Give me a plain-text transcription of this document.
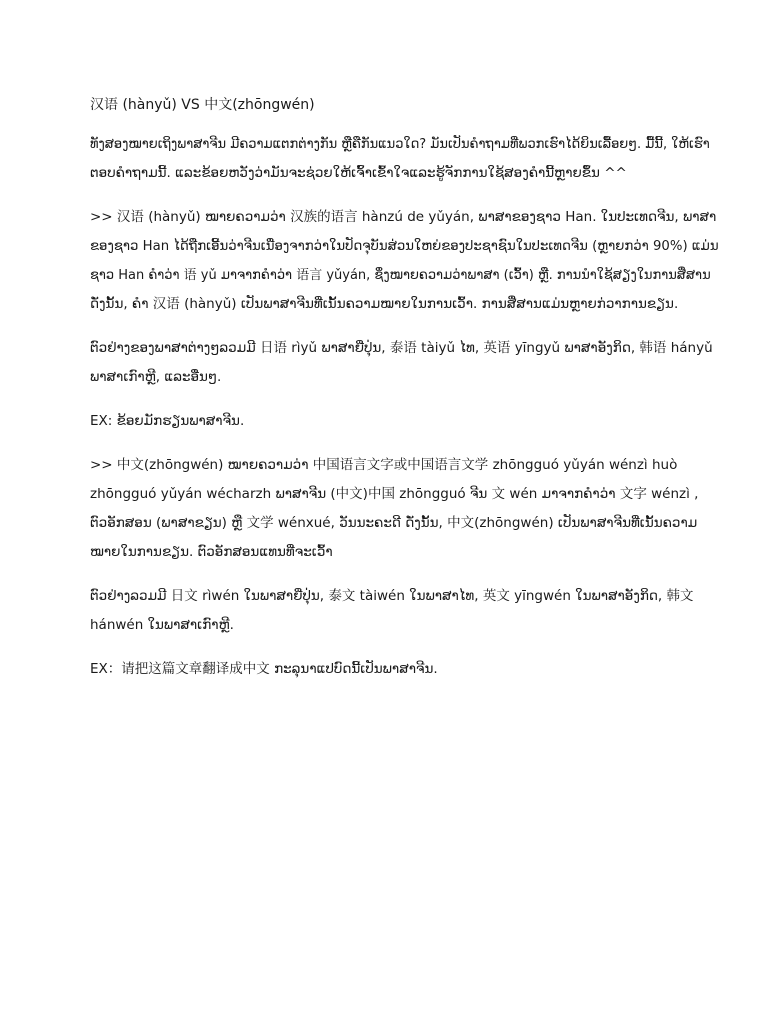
汉语 (hànyǔ) VS 中文(zhōngwén)
ທັງສອງໝາຍເຖິງພາສາຈີນ ມີຄວາມແຕກຕ່າງກັນ ຫຼືຄືກັນແນວໃດ? ມັນເປັນຄຳຖາມທີ່ພວກເຮົາໄດ້ຍິນເລື້ອຍໆ. ມື້ນີ້, ໃຫ້ເຮົາ
ຕອບຄຳຖາມນີ້. ແລະຂ້ອຍຫວັງວ່າມັນຈະຊ່ວຍໃຫ້ເຈົ້າເຂົ້າໃຈແລະຮູ້ຈັກການໃຊ້ສອງຄຳນີ້ຫຼາຍຂຶ້ນ ^^
>> 汉语 (hànyǔ) ໝາຍຄວາມວ່າ 汉族的语言 hànzú de yǔyán, ພາສາຂອງຊາວ Han. ໃນປະເທດຈີນ, ພາສາ
ຂອງຊາວ Han ໄດ້ຖືກເອີ້ນວ່າຈີນເນື່ອງຈາກວ່າໃນປັດຈຸບັນສ່ວນໃຫຍ່ຂອງປະຊາຊົນໃນປະເທດຈີນ (ຫຼາຍກວ່າ 90%) ແມ່ນ
ຊາວ Han ຄຳວ່າ 语 yǔ ມາຈາກຄຳວ່າ 语言 yǔyán, ຊຶ່ງໝາຍຄວາມວ່າພາສາ (ເວົ້າ) ຫຼື. ການນຳໃຊ້ສຽງໃນການສື່ສານ
ດັ່ງນັ້ນ, ຄຳ 汉语 (hànyǔ) ເປັນພາສາຈີນທີ່ເນັ້ນຄວາມໝາຍໃນການເວົ້າ. ການສື່ສານແມ່ນຫຼາຍກ່ວາການຂຽນ.
ຕົວຢ່າງຂອງພາສາຕ່າງໆລວມມີ 日语 rìyǔ ພາສາຍີ່ປຸ່ນ, 泰语 tàiyǔ ໄທ, 英语 yīngyǔ ພາສາອັງກິດ, 韩语 hányǔ
ພາສາເກົາຫຼີ, ແລະອື່ນໆ.
EX: ຂ້ອຍມັກຮຽນພາສາຈີນ.
>> 中文(zhōngwén) ໝາຍຄວາມວ່າ 中国语言文字或中国语言文学 zhōngguó yǔyán wénzì huò
zhōngguó yǔyán wécharzh ພາສາຈີນ (中文)中国 zhōngguó ຈີນ 文 wén ມາຈາກຄຳວ່າ 文字 wénzì ,
ຕົວອັກສອນ (ພາສາຂຽນ) ຫຼື 文学 wénxué, ວັນນະຄະດີ ດັ່ງນັ້ນ, 中文(zhōngwén) ເປັນພາສາຈີນທີ່ເນັ້ນຄວາມ
ໝາຍໃນການຂຽນ. ຕົວອັກສອນແທນທີ່ຈະເວົ້າ
ຕົວຢ່າງລວມມີ 日文 rìwén ໃນພາສາຍີ່ປຸ່ນ, 泰文 tàiwén ໃນພາສາໄທ, 英文 yīngwén ໃນພາສາອັງກິດ, 韩文
hánwén ໃນພາສາເກົາຫຼີ.
EX：请把这篇文章翻译成中文 ກະລຸນາແປບົດນີ້ເປັນພາສາຈີນ.
